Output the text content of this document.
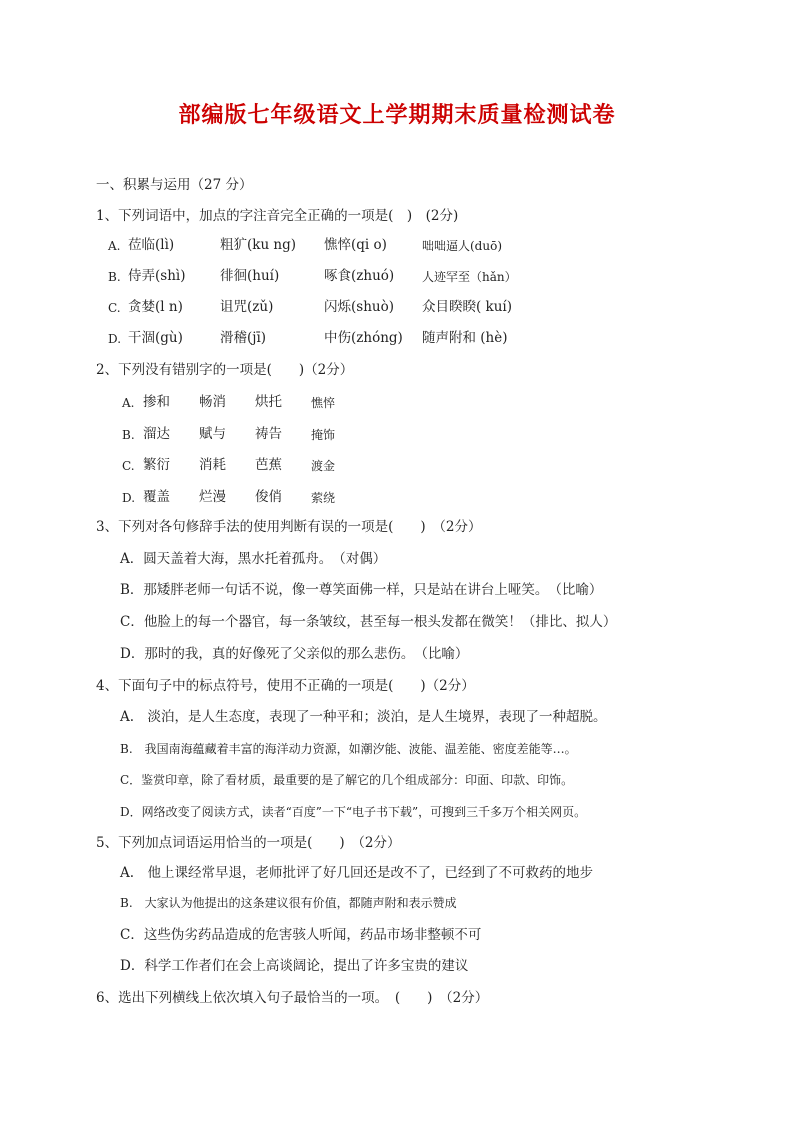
部编版七年级语文上学期期末质量检测试卷
一、积累与运用（27 分）
1、下列词语中，加点的字注音完全正确的一项是(　)　(2分)
A. 莅临(lì)	粗犷(ku ng) 憔悴(qi o)	咄咄逼人(duō)
B. 侍弄(shì)	徘徊(huí)	啄食(zhuó) 人迹罕至（hǎn）
C. 贪婪(l n)	诅咒(zǔ)	闪烁(shuò) 众目睽睽( kuí)
D. 干涸(gù)	滑稽(jī)	中伤(zhóng) 随声附和 (hè)
2、下列没有错别字的一项是(　　)（2分）
A. 掺和 畅消 烘托 憔悴
B. 溜达 赋与 祷告 掩饰
C. 繁衍 消耗 芭蕉 渡金
D. 覆盖 烂漫 俊俏 萦绕
3、下列对各句修辞手法的使用判断有误的一项是(　　)　（2分）
A．圆天盖着大海，黑水托着孤舟。　（对偶）
B．那矮胖老师一句话不说，像一尊笑面佛一样，只是站在讲台上哑笑。　（比喻）
C．他脸上的每一个器官，每一条皱纹，甚至每一根头发都在微笑！（排比、拟人）
D．那时的我，真的好像死了父亲似的那么悲伤。　（比喻）
4、下面句子中的标点符号，使用不正确的一项是(　　)（2分）
A.　淡泊，是人生态度，表现了一种平和；淡泊，是人生境界，表现了一种超脱。
B.　我国南海蕴藏着丰富的海洋动力资源，如潮汐能、波能、温差能、密度差能等…。
C．鉴赏印章，除了看材质，最重要的是了解它的几个组成部分：印面、印款、印饰。
D．网络改变了阅读方式，读者“百度”一下“电子书下载”，可搜到三千多万个相关网页。
5、下列加点词语运用恰当的一项是(　　)　（2分）
A.　他上课经常早退，老师批评了好几回还是改不了，已经到了不可救药的地步
B.　大家认为他提出的这条建议很有价值，都随声附和表示赞成
C．这些伪劣药品造成的危害骇人听闻，药品市场非整顿不可
D．科学工作者们在会上高谈阔论，提出了许多宝贵的建议
6、选出下列横线上依次填入句子最恰当的一项。　(　　)　（2分）
